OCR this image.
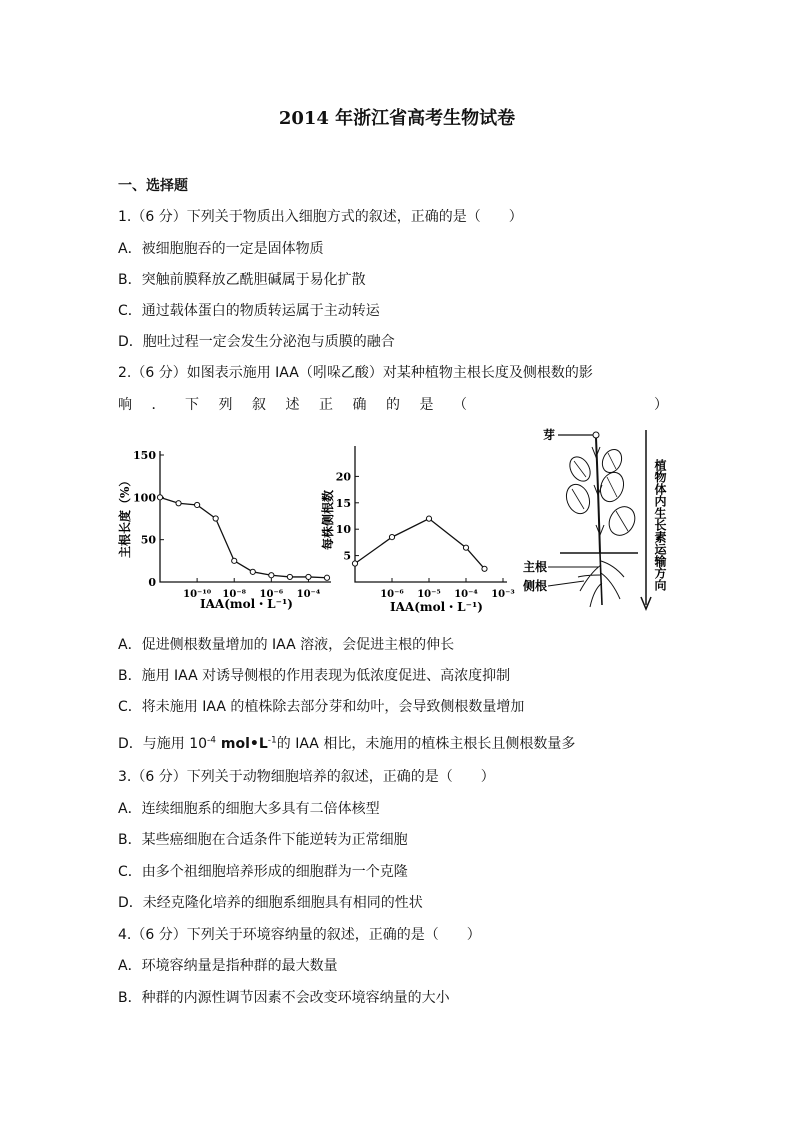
2014 年浙江省高考生物试卷
一、选择题
1.（6 分）下列关于物质出入细胞方式的叙述，正确的是（　　）
A．被细胞胞吞的一定是固体物质
B．突触前膜释放乙酰胆碱属于易化扩散
C．通过载体蛋白的物质转运属于主动转运
D．胞吐过程一定会发生分泌泡与质膜的融合
2.（6 分）如图表示施用 IAA（吲哚乙酸）对某种植物主根长度及侧根数的影
响．下列叙述正确的是（　　　　　）
150
100
50
0
10⁻¹⁰ 10⁻⁸ 10⁻⁶ 10⁻⁴
主根长度（%）
IAA(mol・L⁻¹)
20
15
10
5
10⁻⁶ 10⁻⁵ 10⁻⁴ 10⁻³
每株侧根数
IAA(mol・L⁻¹)
芽
主根
侧根	植物体内生长素运输方向
A．促进侧根数量增加的 IAA 溶液，会促进主根的伸长
B．施用 IAA 对诱导侧根的作用表现为低浓度促进、高浓度抑制
C．将未施用 IAA 的植株除去部分芽和幼叶，会导致侧根数量增加
D．与施用 $10^{-4}$ $mol•L^{-1}$的 IAA 相比，未施用的植株主根长且侧根数量多
3.（6 分）下列关于动物细胞培养的叙述，正确的是（　　）
A．连续细胞系的细胞大多具有二倍体核型
B．某些癌细胞在合适条件下能逆转为正常细胞
C．由多个祖细胞培养形成的细胞群为一个克隆
D．未经克隆化培养的细胞系细胞具有相同的性状
4.（6 分）下列关于环境容纳量的叙述，正确的是（　　）
A．环境容纳量是指种群的最大数量
B．种群的内源性调节因素不会改变环境容纳量的大小
